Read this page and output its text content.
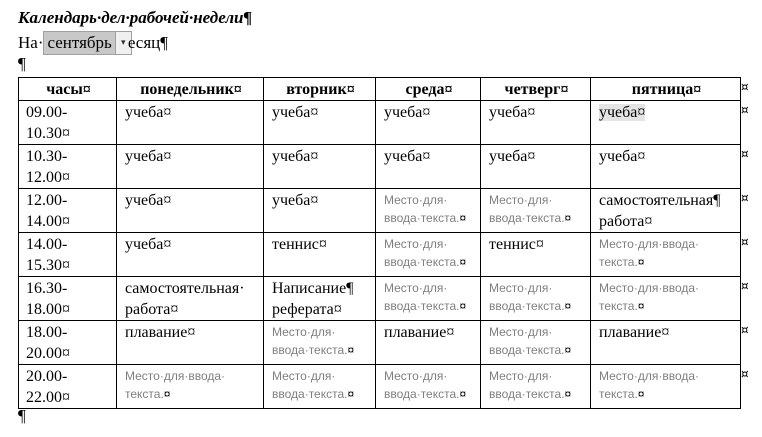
Календарь·дел·рабочей·недели¶
На· сентябрь	▾ есяц¶
¶
часы¤	понедельник¤	вторник¤	среда¤	четверг¤	пятница¤
09.00-
10.30¤	учеба¤	учеба¤	учеба¤	учеба¤	учеба¤
10.30-
12.00¤	учеба¤	учеба¤	учеба¤	учеба¤	учеба¤
12.00-
14.00¤	учеба¤	учеба¤	Место·для·
ввода·текста.¤	Место·для·
ввода·текста.¤	самостоятельная¶
работа¤
14.00-
15.30¤	учеба¤	теннис¤	Место·для·
ввода·текста.¤	теннис¤	Место·для·ввода·
текста.¤
16.30-
18.00¤	самостоятельная·
работа¤	Написание¶
реферата¤	Место·для·
ввода·текста.¤	Место·для·
ввода·текста.¤	Место·для·ввода·
текста.¤
18.00-
20.00¤	плавание¤	Место·для·
ввода·текста.¤	плавание¤	Место·для·
ввода·текста.¤	плавание¤
20.00-
22.00¤	Место·для·ввода·
текста.¤	Место·для·
ввода·текста.¤	Место·для·
ввода·текста.¤	Место·для·
ввода·текста.¤	Место·для·ввода·
текста.¤
¤
¤
¤
¤
¤
¤
¤
¤
¶
